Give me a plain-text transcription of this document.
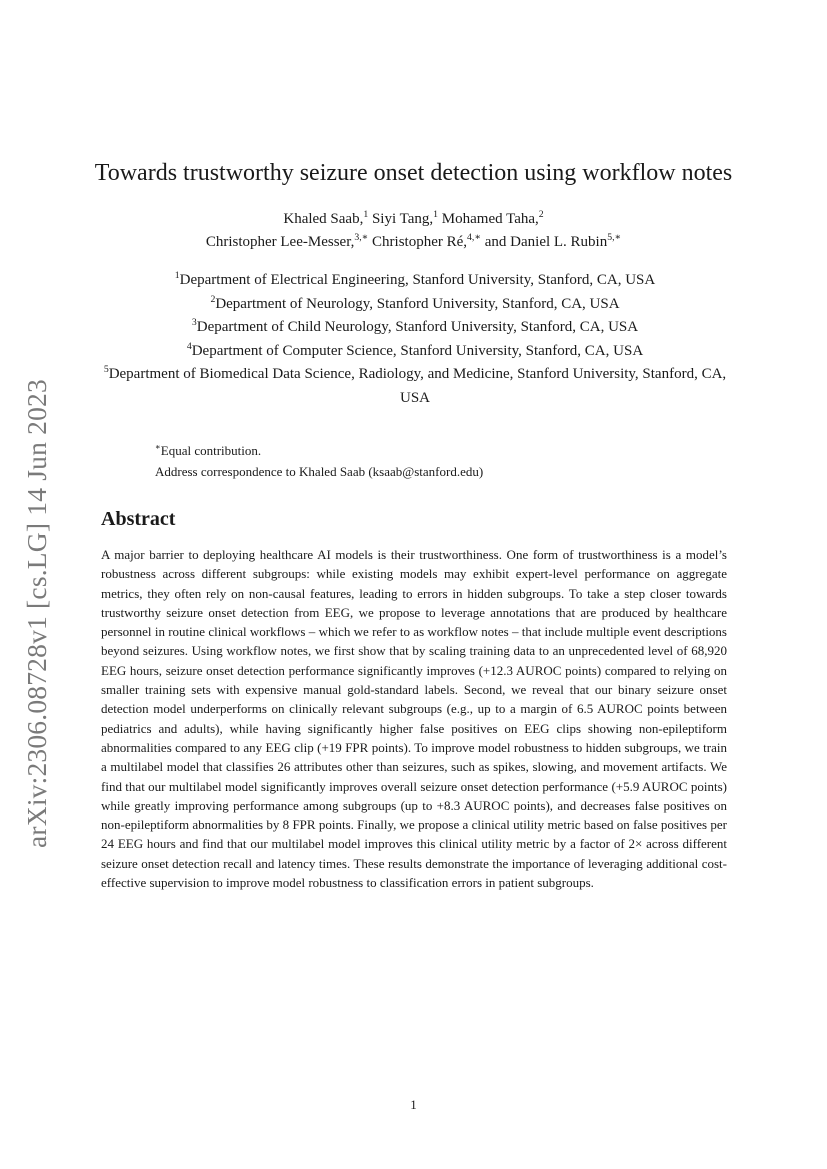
arXiv:2306.08728v1 [cs.LG] 14 Jun 2023
Towards trustworthy seizure onset detection using workflow notes
Khaled Saab,$^1$ Siyi Tang,$^1$ Mohamed Taha,$^2$
Christopher Lee-Messer,$^{3,∗}$ Christopher Ré,$^{4,∗}$ and Daniel L. Rubin$^{5,∗}$
$^1$Department of Electrical Engineering, Stanford University, Stanford, CA, USA
$^2$Department of Neurology, Stanford University, Stanford, CA, USA
$^3$Department of Child Neurology, Stanford University, Stanford, CA, USA
$^4$Department of Computer Science, Stanford University, Stanford, CA, USA
$^5$Department of Biomedical Data Science, Radiology, and Medicine, Stanford University, Stanford, CA, USA
∗Equal contribution.
Address correspondence to Khaled Saab (ksaab@stanford.edu)
Abstract

A major barrier to deploying healthcare AI models is their trustworthiness. One form of trustworthiness is a model’s robustness across different subgroups: while existing models may exhibit expert-level performance on aggregate metrics, they often rely on non-causal features, leading to errors in hidden subgroups. To take a step closer towards trustworthy seizure onset detection from EEG, we propose to leverage annotations that are produced by healthcare personnel in routine clinical workflows – which we refer to as workflow notes – that include multiple event descriptions beyond seizures. Using workflow notes, we first show that by scaling training data to an unprecedented level of 68,920 EEG hours, seizure onset detection performance significantly improves (+12.3 AUROC points) compared to relying on smaller training sets with expensive manual gold-standard labels. Second, we reveal that our binary seizure onset detection model underperforms on clinically relevant subgroups (e.g., up to a margin of 6.5 AUROC points between pediatrics and adults), while having significantly higher false positives on EEG clips showing non-epileptiform abnormalities compared to any EEG clip (+19 FPR points). To improve model robustness to hidden subgroups, we train a multilabel model that classifies 26 attributes other than seizures, such as spikes, slowing, and movement artifacts. We find that our multilabel model significantly improves overall seizure onset detection performance (+5.9 AUROC points) while greatly improving performance among subgroups (up to +8.3 AUROC points), and decreases false positives on non-epileptiform abnormalities by 8 FPR points. Finally, we propose a clinical utility metric based on false positives per 24 EEG hours and find that our multilabel model improves this clinical utility metric by a factor of 2× across different seizure onset detection recall and latency times. These results demonstrate the importance of leveraging additional cost-effective supervision to improve model robustness to classification errors in patient subgroups.

1
